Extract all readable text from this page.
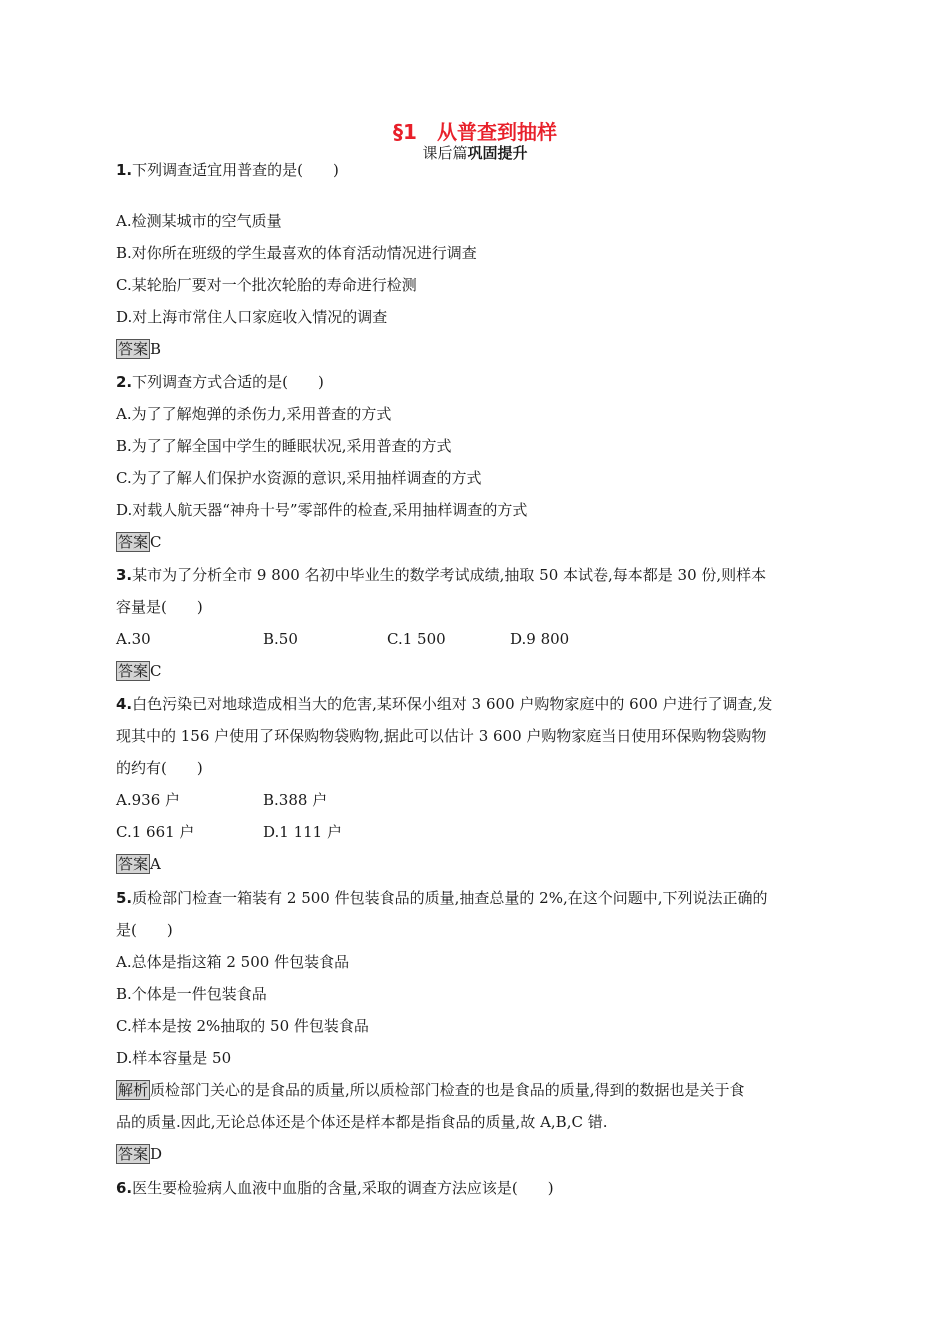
§1　从普查到抽样
课后篇巩固提升
1.下列调查适宜用普查的是(　　)
A.检测某城市的空气质量
B.对你所在班级的学生最喜欢的体育活动情况进行调查
C.某轮胎厂要对一个批次轮胎的寿命进行检测
D.对上海市常住人口家庭收入情况的调查
答案 B
2.下列调查方式合适的是(　　)
A.为了了解炮弹的杀伤力,采用普查的方式
B.为了了解全国中学生的睡眠状况,采用普查的方式
C.为了了解人们保护水资源的意识,采用抽样调查的方式
D.对载人航天器“神舟十号”零部件的检查,采用抽样调查的方式
答案 C
3.某市为了分析全市 9 800 名初中毕业生的数学考试成绩,抽取 50 本试卷,每本都是 30 份,则样本
容量是(　　)
A.30	B.50	C.1 500	D.9 800
答案 C
4.白色污染已对地球造成相当大的危害,某环保小组对 3 600 户购物家庭中的 600 户进行了调查,发
现其中的 156 户使用了环保购物袋购物,据此可以估计 3 600 户购物家庭当日使用环保购物袋购物
的约有(　　)
A.936 户	B.388 户
C.1 661 户	D.1 111 户
答案 A
5.质检部门检查一箱装有 2 500 件包装食品的质量,抽查总量的 2%,在这个问题中,下列说法正确的
是(　　)
A.总体是指这箱 2 500 件包装食品
B.个体是一件包装食品
C.样本是按 2%抽取的 50 件包装食品
D.样本容量是 50
解析 质检部门关心的是食品的质量,所以质检部门检查的也是食品的质量,得到的数据也是关于食
品的质量.因此,无论总体还是个体还是样本都是指食品的质量,故 A,B,C 错.
答案 D
6.医生要检验病人血液中血脂的含量,采取的调查方法应该是(　　)
